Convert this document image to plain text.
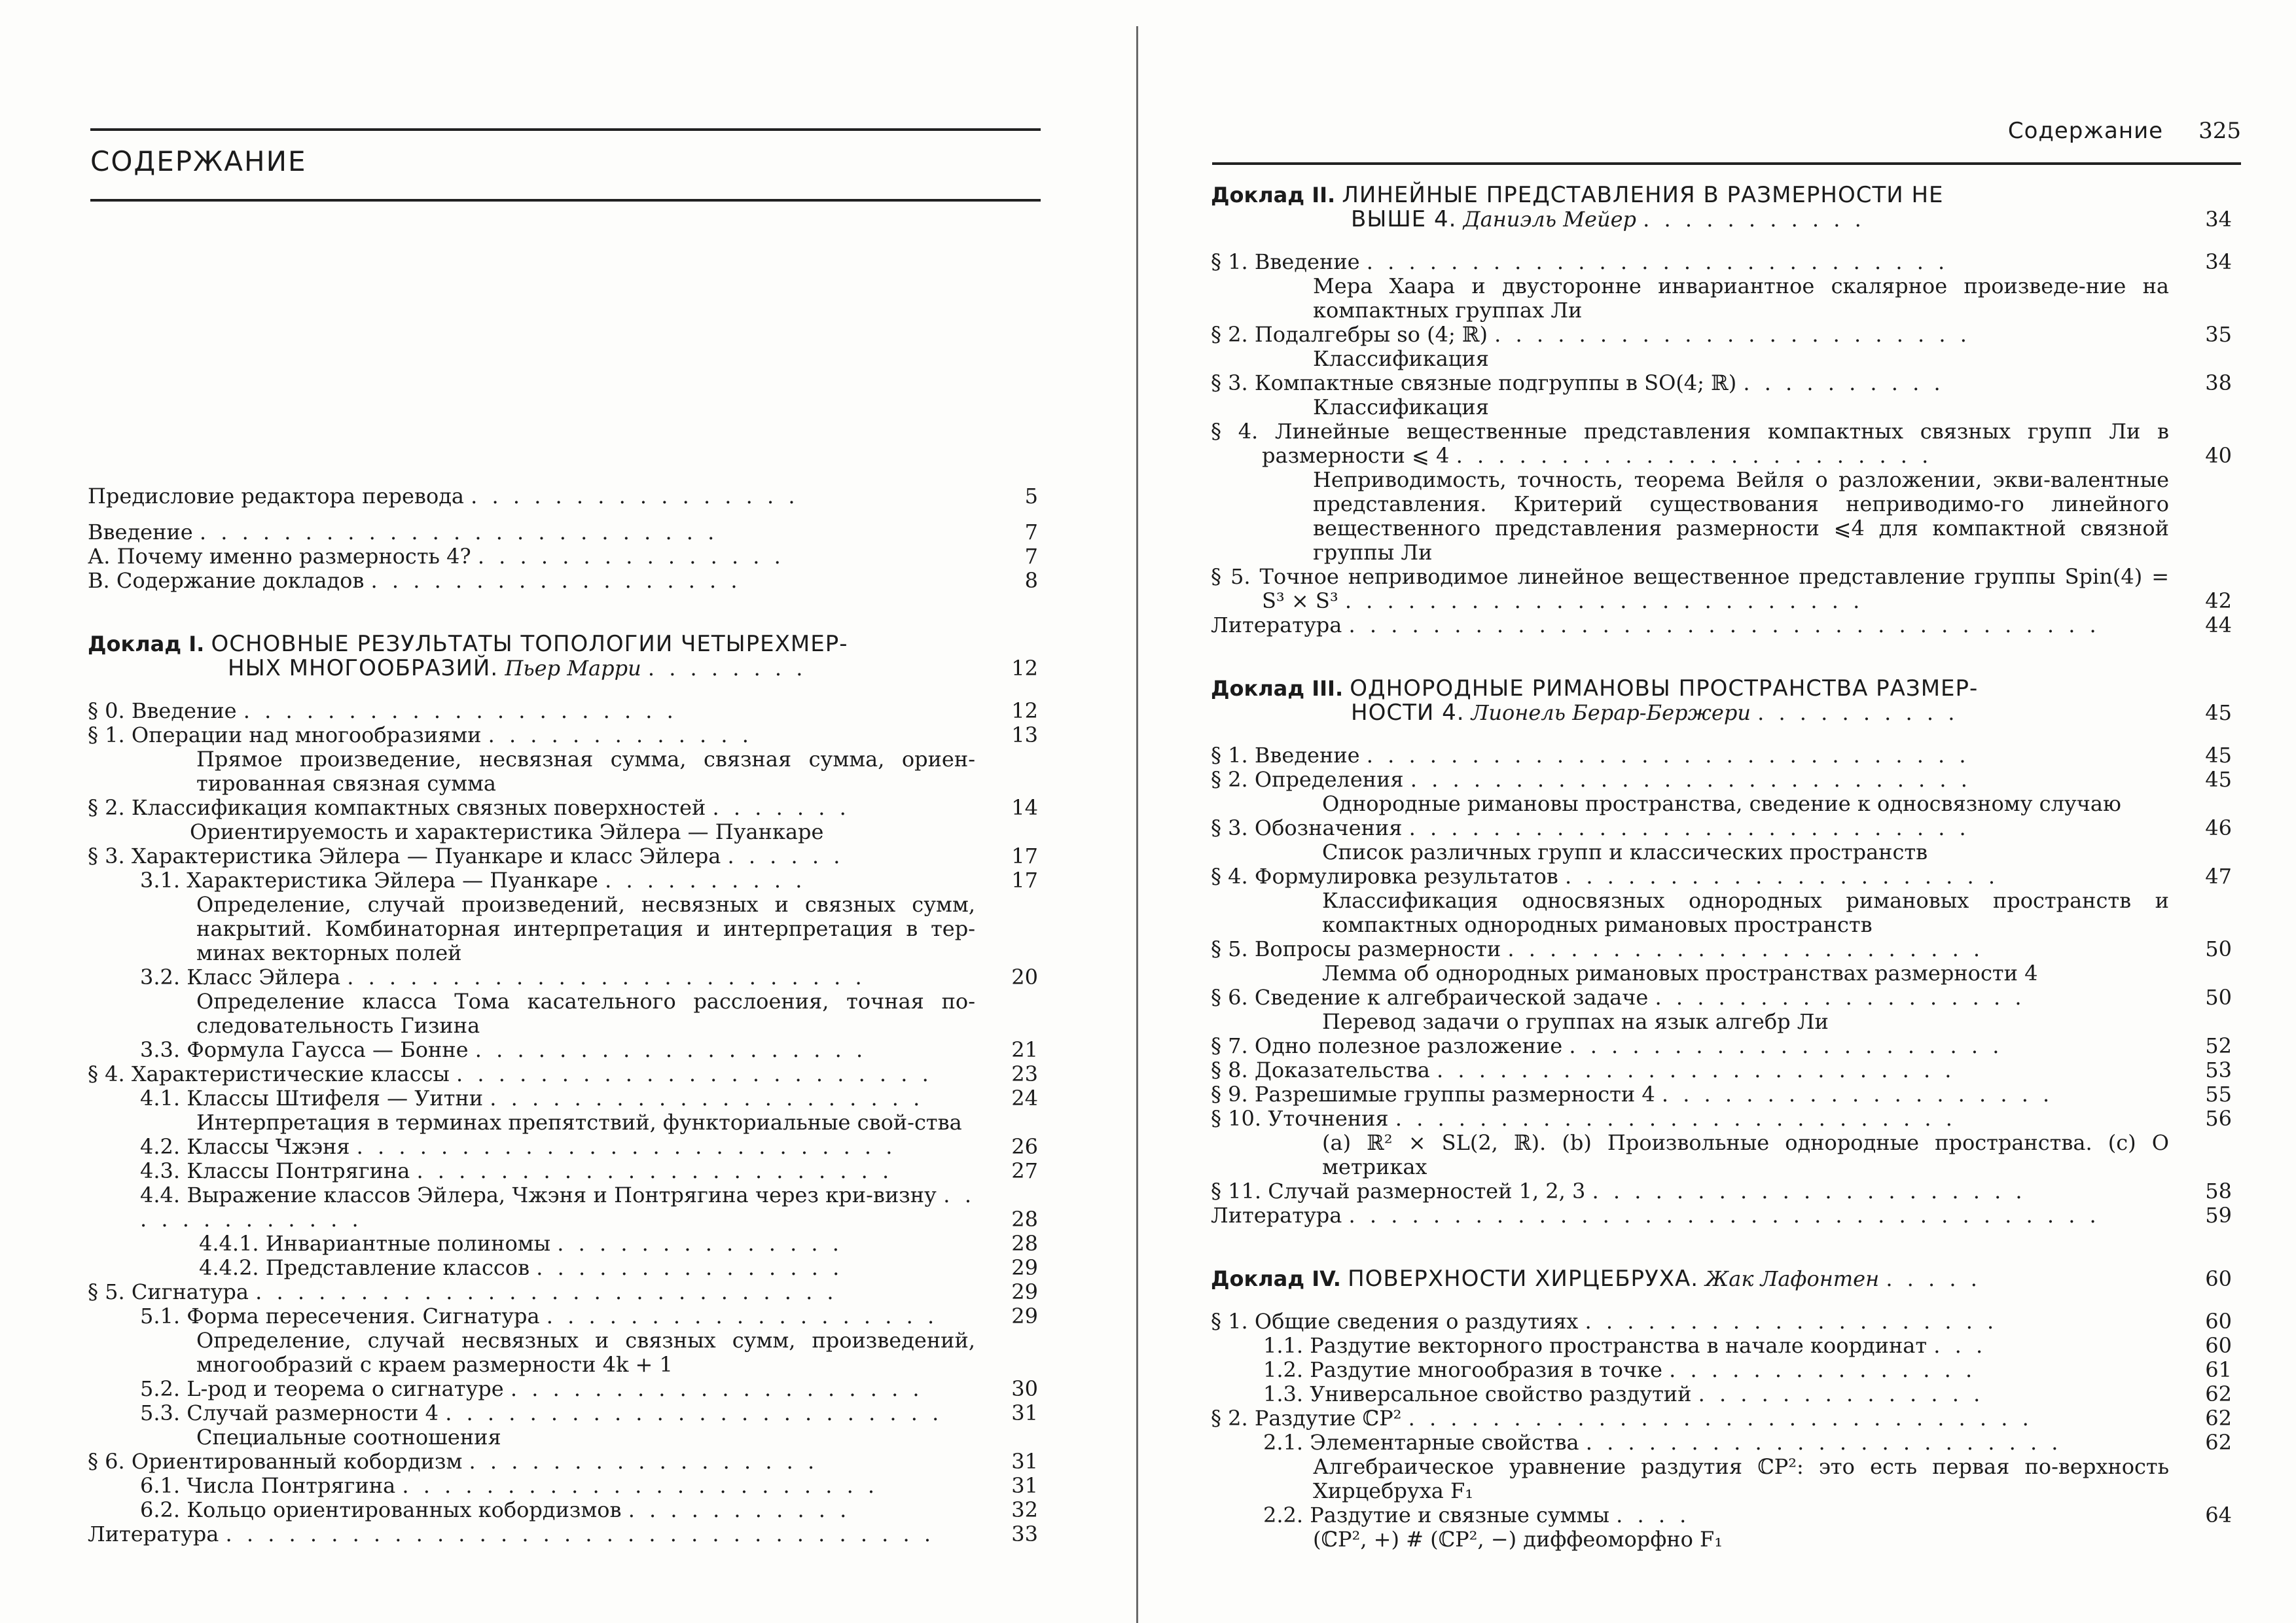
СОДЕРЖАНИЕ
Предисловие редактора перевода . . . . . . . . . . . . . . . .	5
Введение . . . . . . . . . . . . . . . . . . . . . . . . .	7
А. Почему именно размерность 4? . . . . . . . . . . . . . . .	7
В. Содержание докладов . . . . . . . . . . . . . . . . . .	8
Доклад I. ОСНОВНЫЕ РЕЗУЛЬТАТЫ ТОПОЛОГИИ ЧЕТЫРЕХМЕР-
НЫХ МНОГООБРАЗИЙ. Пьер Марри . . . . . . . .	12
§ 0. Введение . . . . . . . . . . . . . . . . . . . . .	12
§ 1. Операции над многообразиями . . . . . . . . . . . . .	13
Прямое произведение, несвязная сумма, связная сумма, ориен-тированная связная сумма
§ 2. Классификация компактных связных поверхностей . . . . . . .	14
Ориентируемость и характеристика Эйлера — Пуанкаре
§ 3. Характеристика Эйлера — Пуанкаре и класс Эйлера . . . . . .	17
3.1. Характеристика Эйлера — Пуанкаре . . . . . . . . . .	17
Определение, случай произведений, несвязных и связных сумм, накрытий. Комбинаторная интерпретация и интерпретация в тер-минах векторных полей
3.2. Класс Эйлера . . . . . . . . . . . . . . . . . . . . . . . . .	20
Определение класса Тома касательного расслоения, точная по-следовательность Гизина
3.3. Формула Гаусса — Бонне . . . . . . . . . . . . . . . . . . .	21
§ 4. Характеристические классы . . . . . . . . . . . . . . . . . . . . . . .	23
4.1. Классы Штифеля — Уитни . . . . . . . . . . . . . . . . . . . . .	24
Интерпретация в терминах препятствий, функториальные свой-ства
4.2. Классы Чжэня . . . . . . . . . . . . . . . . . . . . . . . . . .	26
4.3. Классы Понтрягина . . . . . . . . . . . . . . . . . . . . . . .	27
4.4. Выражение классов Эйлера, Чжэня и Понтрягина через кри-визну . . . . . . . . . . . . .	28
4.4.1. Инвариантные полиномы . . . . . . . . . . . . . .	28
4.4.2. Представление классов . . . . . . . . . . . . . . .	29
§ 5. Сигнатура . . . . . . . . . . . . . . . . . . . . . . . . . . . .	29
5.1. Форма пересечения. Сигнатура . . . . . . . . . . . . . . . . . . .	29
Определение, случай несвязных и связных сумм, произведений, многообразий с краем размерности 4k + 1
5.2. L-род и теорема о сигнатуре . . . . . . . . . . . . . . . . . . . .	30
5.3. Случай размерности 4 . . . . . . . . . . . . . . . . . . . . . . . .	31
Специальные соотношения
§ 6. Ориентированный кобордизм . . . . . . . . . . . . . . . . .	31
6.1. Числа Понтрягина . . . . . . . . . . . . . . . . . . . . . . .	31
6.2. Кольцо ориентированных кобордизмов . . . . . . . . . . .	32
Литература . . . . . . . . . . . . . . . . . . . . . . . . . . . . . . . . . .	33
Содержание 325
Доклад II. ЛИНЕЙНЫЕ ПРЕДСТАВЛЕНИЯ В РАЗМЕРНОСТИ НЕ
ВЫШЕ 4. Даниэль Мейер . . . . . . . . . . .	34
§ 1. Введение . . . . . . . . . . . . . . . . . . . . . . . . . . . .	34
Мера Хаара и двусторонне инвариантное скалярное произведе-ние на компактных группах Ли
§ 2. Подалгебры so (4; ℝ) . . . . . . . . . . . . . . . . . . . . . . .	35
Классификация
§ 3. Компактные связные подгруппы в SO(4; ℝ) . . . . . . . . . .	38
Классификация
§ 4. Линейные вещественные представления компактных связных групп Ли в размерности ⩽ 4 . . . . . . . . . . . . . . . . . . . . . . .	40
Неприводимость, точность, теорема Вейля о разложении, экви-валентные представления. Критерий существования неприводимо-го линейного вещественного представления размерности ⩽4 для компактной связной группы Ли
§ 5. Точное неприводимое линейное вещественное представление группы Spin(4) = S³ × S³ . . . . . . . . . . . . . . . . . . . . . . . . .	42
Литература . . . . . . . . . . . . . . . . . . . . . . . . . . . . . . . . . . . .	44
Доклад III. ОДНОРОДНЫЕ РИМАНОВЫ ПРОСТРАНСТВА РАЗМЕР-
НОСТИ 4. Лионель Берар-Бержери . . . . . . . . . .	45
§ 1. Введение . . . . . . . . . . . . . . . . . . . . . . . . . . . . .	45
§ 2. Определения . . . . . . . . . . . . . . . . . . . . . . . . . . .	45
Однородные римановы пространства, сведение к односвязному случаю
§ 3. Обозначения . . . . . . . . . . . . . . . . . . . . . . . . . . .	46
Список различных групп и классических пространств
§ 4. Формулировка результатов . . . . . . . . . . . . . . . . . . . . .	47
Классификация односвязных однородных римановых пространств и компактных однородных римановых пространств
§ 5. Вопросы размерности . . . . . . . . . . . . . . . . . . . . . . .	50
Лемма об однородных римановых пространствах размерности 4
§ 6. Сведение к алгебраической задаче . . . . . . . . . . . . . . . . . .	50
Перевод задачи о группах на язык алгебр Ли
§ 7. Одно полезное разложение . . . . . . . . . . . . . . . . . . . . .	52
§ 8. Доказательства . . . . . . . . . . . . . . . . . . . . . . . . .	53
§ 9. Разрешимые группы размерности 4 . . . . . . . . . . . . . . . . . . .	55
§ 10. Уточнения . . . . . . . . . . . . . . . . . . . . . . . . . . .	56
(a) ℝ² × SL(2, ℝ). (b) Произвольные однородные пространства. (c) О метриках
§ 11. Случай размерностей 1, 2, 3 . . . . . . . . . . . . . . . . . . . . .	58
Литература . . . . . . . . . . . . . . . . . . . . . . . . . . . . . . . . . . . .	59
Доклад IV. ПОВЕРХНОСТИ ХИРЦЕБРУХА. Жак Лафонтен . . . . .	60
§ 1. Общие сведения о раздутиях . . . . . . . . . . . . . . . . . . . .	60
1.1. Раздутие векторного пространства в начале координат . . .	60
1.2. Раздутие многообразия в точке . . . . . . . . . . . . . . .	61
1.3. Универсальное свойство раздутий . . . . . . . . . . . . . .	62
§ 2. Раздутие ℂP² . . . . . . . . . . . . . . . . . . . . . . . . . . . . . .	62
2.1. Элементарные свойства . . . . . . . . . . . . . . . . . . . . . . .	62
Алгебраическое уравнение раздутия ℂP²: это есть первая по-верхность Хирцебруха F₁
2.2. Раздутие и связные суммы . . . .	64
(ℂP², +) # (ℂP², −) диффеоморфно F₁
